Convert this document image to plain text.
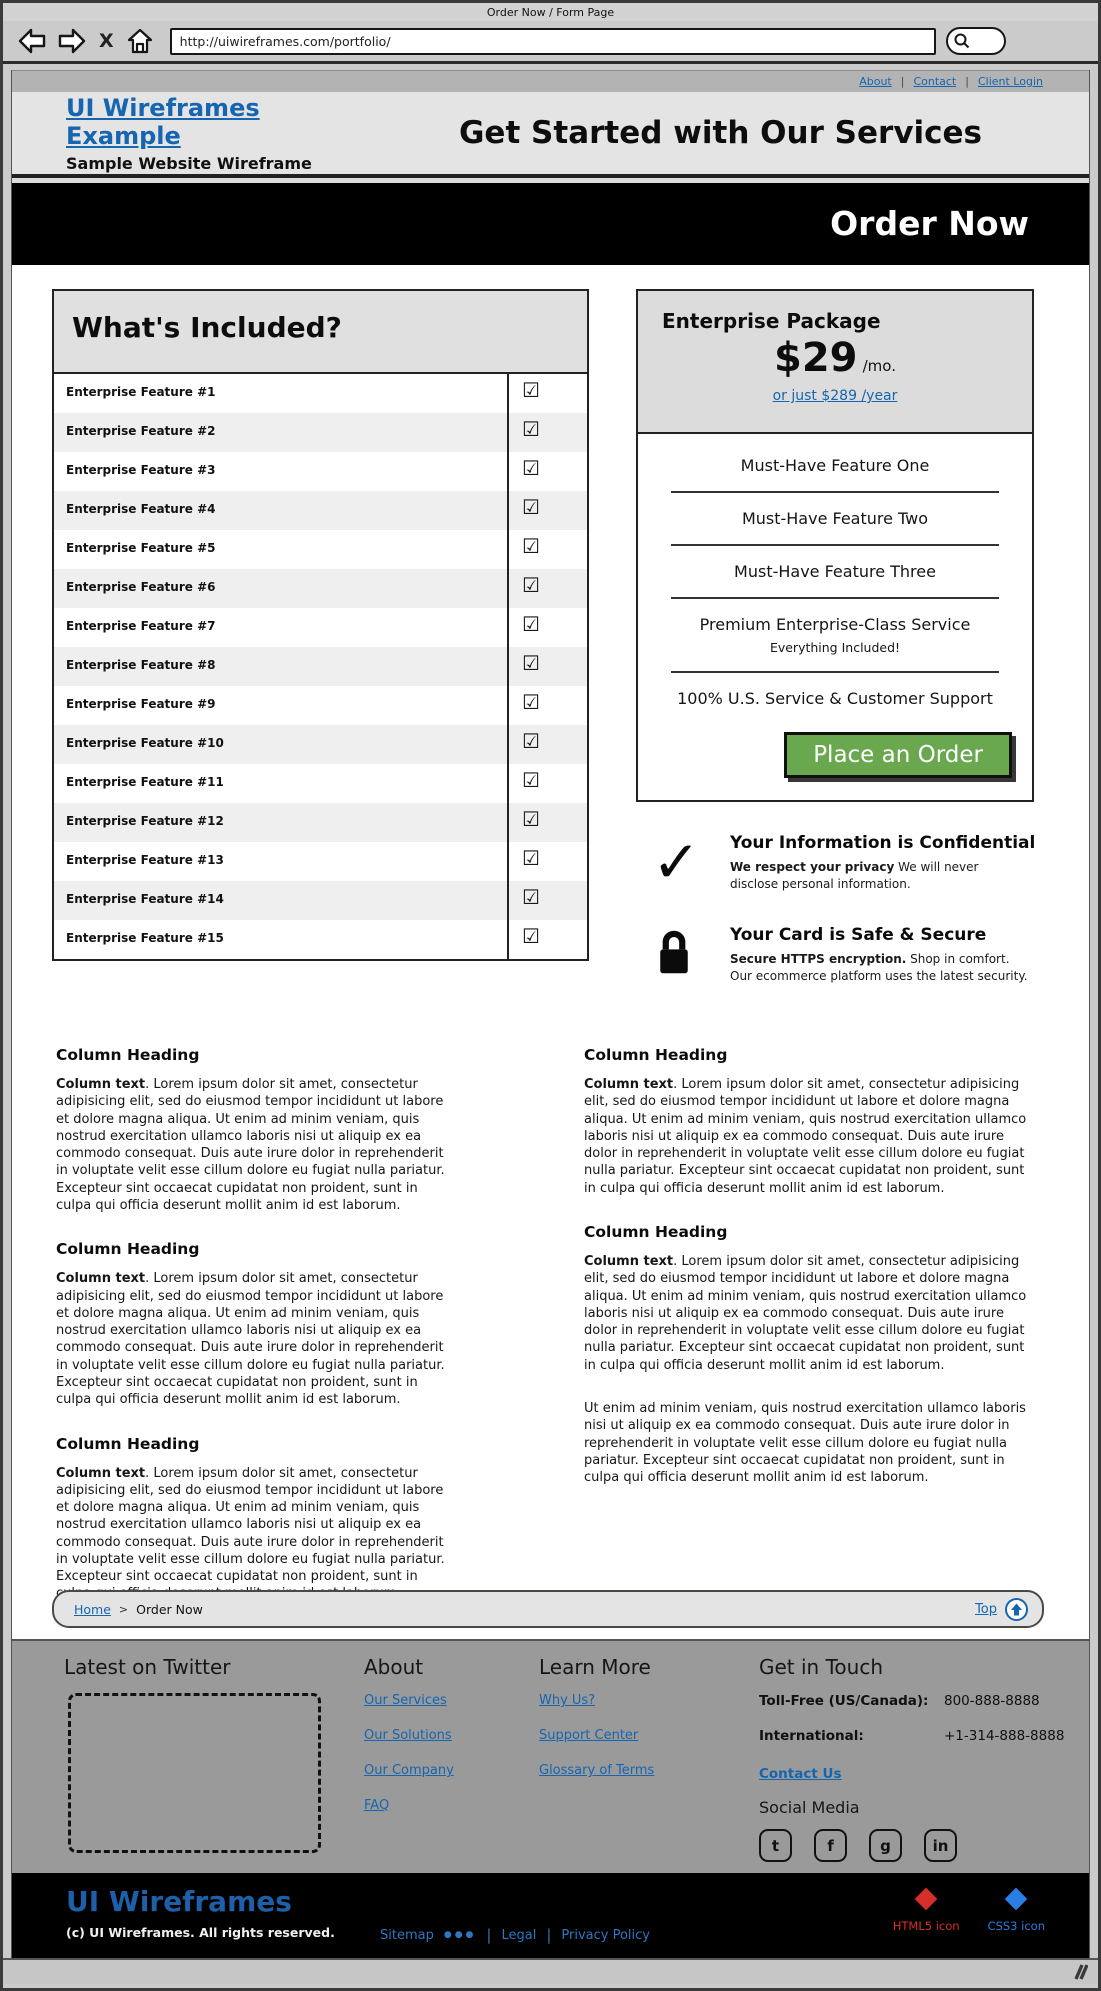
Order Now / Form Page
X
http://uiwireframes.com/portfolio/
About | Contact | Client Login
UI Wireframes Example
Sample Website Wireframe
Get Started with Our Services
Order Now
What's Included?
Enterprise Feature #1	☑
Enterprise Feature #2	☑
Enterprise Feature #3	☑
Enterprise Feature #4	☑
Enterprise Feature #5	☑
Enterprise Feature #6	☑
Enterprise Feature #7	☑
Enterprise Feature #8	☑
Enterprise Feature #9	☑
Enterprise Feature #10	☑
Enterprise Feature #11	☑
Enterprise Feature #12	☑
Enterprise Feature #13	☑
Enterprise Feature #14	☑
Enterprise Feature #15	☑
Enterprise Package
$29 /mo.
or just $289 /year
Must-Have Feature One
Must-Have Feature Two
Must-Have Feature Three
Premium Enterprise-Class Service
Everything Included!
100% U.S. Service & Customer Support
Place an Order
✓	Your Information is Confidential
We respect your privacy We will never disclose personal information.
Your Card is Safe & Secure
Secure HTTPS encryption. Shop in comfort. Our ecommerce platform uses the latest security.
Column Heading

Column text. Lorem ipsum dolor sit amet, consectetur adipisicing elit, sed do eiusmod tempor incididunt ut labore et dolore magna aliqua. Ut enim ad minim veniam, quis nostrud exercitation ullamco laboris nisi ut aliquip ex ea commodo consequat. Duis aute irure dolor in reprehenderit in voluptate velit esse cillum dolore eu fugiat nulla pariatur. Excepteur sint occaecat cupidatat non proident, sunt in culpa qui officia deserunt mollit anim id est laborum.

Column Heading

Column text. Lorem ipsum dolor sit amet, consectetur adipisicing elit, sed do eiusmod tempor incididunt ut labore et dolore magna aliqua. Ut enim ad minim veniam, quis nostrud exercitation ullamco laboris nisi ut aliquip ex ea commodo consequat. Duis aute irure dolor in reprehenderit in voluptate velit esse cillum dolore eu fugiat nulla pariatur. Excepteur sint occaecat cupidatat non proident, sunt in culpa qui officia deserunt mollit anim id est laborum.

Column Heading

Column text. Lorem ipsum dolor sit amet, consectetur adipisicing elit, sed do eiusmod tempor incididunt ut labore et dolore magna aliqua. Ut enim ad minim veniam, quis nostrud exercitation ullamco laboris nisi ut aliquip ex ea commodo consequat. Duis aute irure dolor in reprehenderit in voluptate velit esse cillum dolore eu fugiat nulla pariatur. Excepteur sint occaecat cupidatat non proident, sunt in

Column Heading

Column text. Lorem ipsum dolor sit amet, consectetur adipisicing elit, sed do eiusmod tempor incididunt ut labore et dolore magna aliqua. Ut enim ad minim veniam, quis nostrud exercitation ullamco laboris nisi ut aliquip ex ea commodo consequat. Duis aute irure dolor in reprehenderit in voluptate velit esse cillum dolore eu fugiat nulla pariatur. Excepteur sint occaecat cupidatat non proident, sunt in culpa qui officia deserunt mollit anim id est laborum.

Column Heading

Column text. Lorem ipsum dolor sit amet, consectetur adipisicing elit, sed do eiusmod tempor incididunt ut labore et dolore magna aliqua. Ut enim ad minim veniam, quis nostrud exercitation ullamco laboris nisi ut aliquip ex ea commodo consequat. Duis aute irure dolor in reprehenderit in voluptate velit esse cillum dolore eu fugiat nulla pariatur. Excepteur sint occaecat cupidatat non proident, sunt in culpa qui officia deserunt mollit anim id est laborum.

Ut enim ad minim veniam, quis nostrud exercitation ullamco laboris nisi ut aliquip ex ea commodo consequat. Duis aute irure dolor in reprehenderit in voluptate velit esse cillum dolore eu fugiat nulla pariatur. Excepteur sint occaecat cupidatat non proident, sunt in culpa qui officia deserunt mollit anim id est laborum.

Home > Order Now	Top
Latest on Twitter	About
Our Services
Our Solutions
Our Company
FAQ
Learn More
Why Us?
Support Center
Glossary of Terms
Get in Touch
Toll-Free (US/Canada):	800-888-8888
International:	+1-314-888-8888
Contact Us
Social Media
t	f	g	in
UI Wireframes
(c) UI Wireframes. All rights reserved.	Sitemap ●●● | Legal | Privacy Policy
HTML5 icon CSS3 icon
